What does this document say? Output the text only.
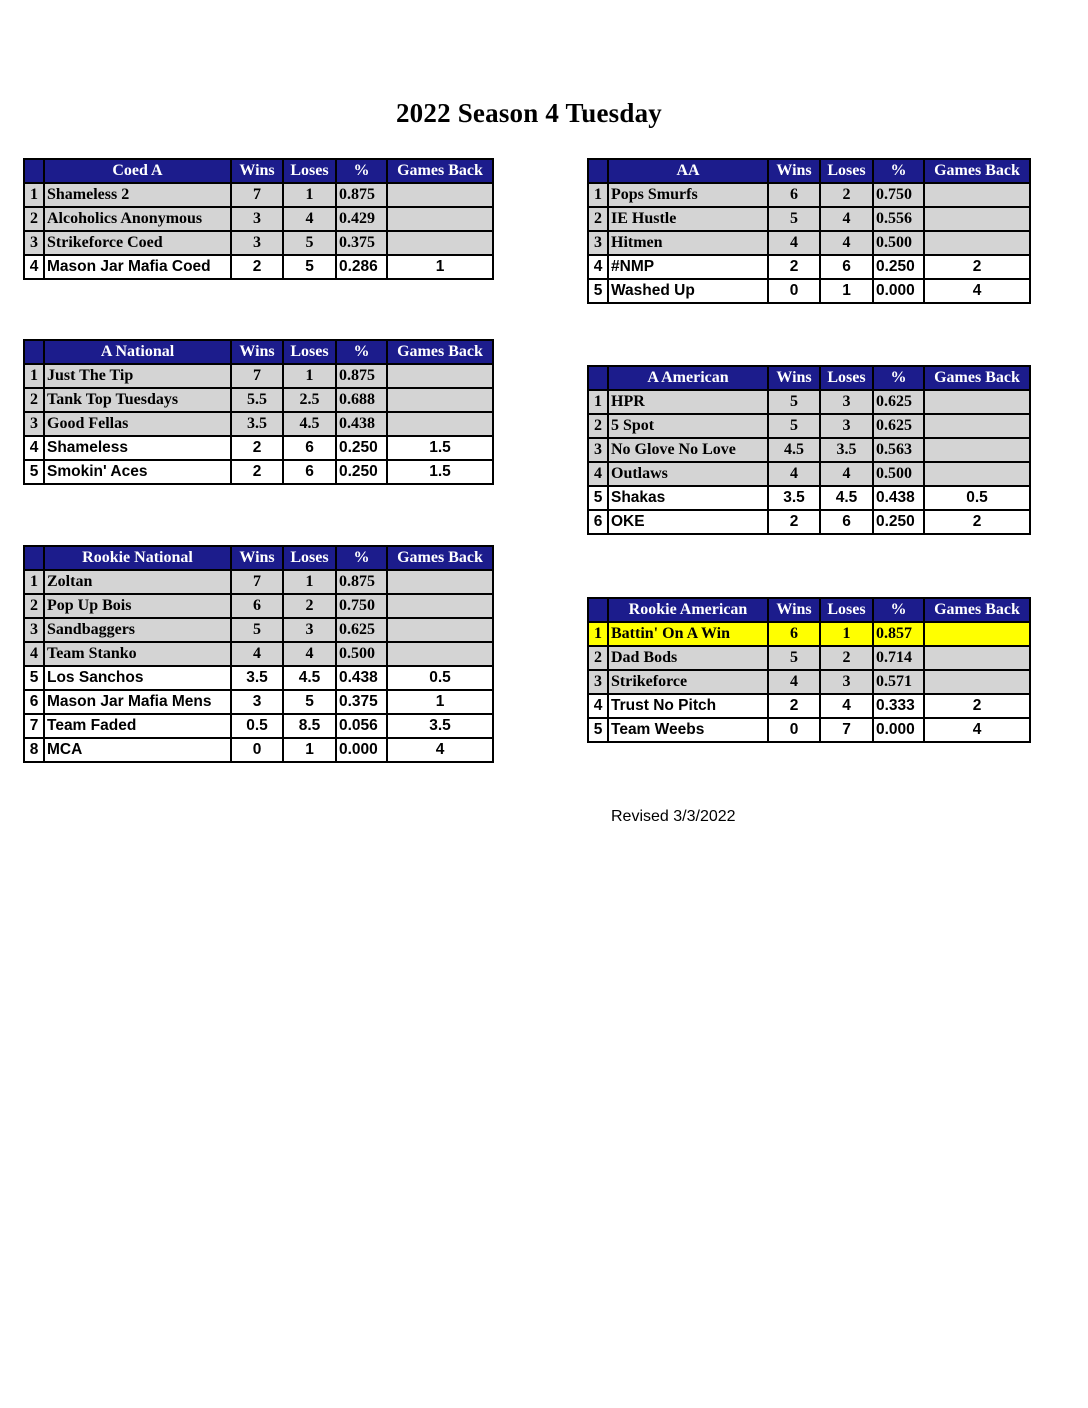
2022 Season 4 Tuesday
	Coed A	Wins	Loses	%	Games Back
1	Shameless 2	7	1	0.875	
2	Alcoholics Anonymous	3	4	0.429	
3	Strikeforce Coed	3	5	0.375	
4	Mason Jar Mafia Coed	2	5	0.286	1
	AA	Wins	Loses	%	Games Back
1	Pops Smurfs	6	2	0.750	
2	IE Hustle	5	4	0.556	
3	Hitmen	4	4	0.500	
4	#NMP	2	6	0.250	2
5	Washed Up	0	1	0.000	4
	A National	Wins	Loses	%	Games Back
1	Just The Tip	7	1	0.875	
2	Tank Top Tuesdays	5.5	2.5	0.688	
3	Good Fellas	3.5	4.5	0.438	
4	Shameless	2	6	0.250	1.5
5	Smokin' Aces	2	6	0.250	1.5
	A American	Wins	Loses	%	Games Back
1	HPR	5	3	0.625	
2	5 Spot	5	3	0.625	
3	No Glove No Love	4.5	3.5	0.563	
4	Outlaws	4	4	0.500	
5	Shakas	3.5	4.5	0.438	0.5
6	OKE	2	6	0.250	2
	Rookie National	Wins	Loses	%	Games Back
1	Zoltan	7	1	0.875	
2	Pop Up Bois	6	2	0.750	
3	Sandbaggers	5	3	0.625	
4	Team Stanko	4	4	0.500	
5	Los Sanchos	3.5	4.5	0.438	0.5
6	Mason Jar Mafia Mens	3	5	0.375	1
7	Team Faded	0.5	8.5	0.056	3.5
8	MCA	0	1	0.000	4
	Rookie American	Wins	Loses	%	Games Back
1	Battin' On A Win	6	1	0.857	
2	Dad Bods	5	2	0.714	
3	Strikeforce	4	3	0.571	
4	Trust No Pitch	2	4	0.333	2
5	Team Weebs	0	7	0.000	4
Revised 3/3/2022
